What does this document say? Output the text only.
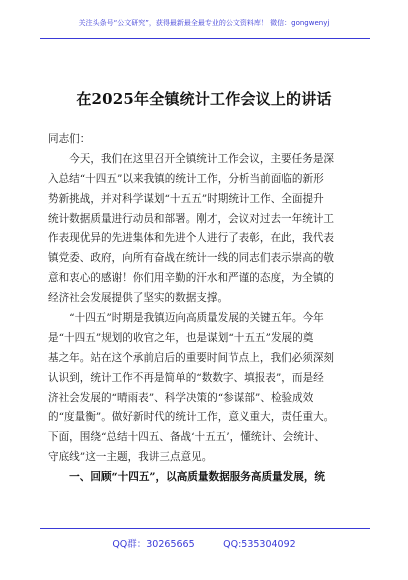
关注头条号“公文研究”，获得最新最全最专业的公文资料库！ 微信：gongwenyj
在2025年全镇统计工作会议上的讲话
同志们：
　　今天，我们在这里召开全镇统计工作会议，主要任务是深
入总结“十四五”以来我镇的统计工作，分析当前面临的新形
势新挑战，并对科学谋划“十五五”时期统计工作、全面提升
统计数据质量进行动员和部署。刚才，会议对过去一年统计工
作表现优异的先进集体和先进个人进行了表彰，在此，我代表
镇党委、政府，向所有奋战在统计一线的同志们表示崇高的敬
意和衷心的感谢！你们用辛勤的汗水和严谨的态度，为全镇的
经济社会发展提供了坚实的数据支撑。
　　“十四五”时期是我镇迈向高质量发展的关键五年。今年
是“十四五”规划的收官之年，也是谋划“十五五”发展的奠
基之年。站在这个承前启后的重要时间节点上，我们必须深刻
认识到，统计工作不再是简单的“数数字、填报表”，而是经
济社会发展的“晴雨表”、科学决策的“参谋部”、检验成效
的“度量衡”。做好新时代的统计工作，意义重大，责任重大。
下面，围绕“总结十四五、备战‘十五五’，懂统计、会统计、
守底线”这一主题，我讲三点意见。
　　一、回顾“十四五”，以高质量数据服务高质量发展，统
QQ群：30265665　　　QQ:535304092
